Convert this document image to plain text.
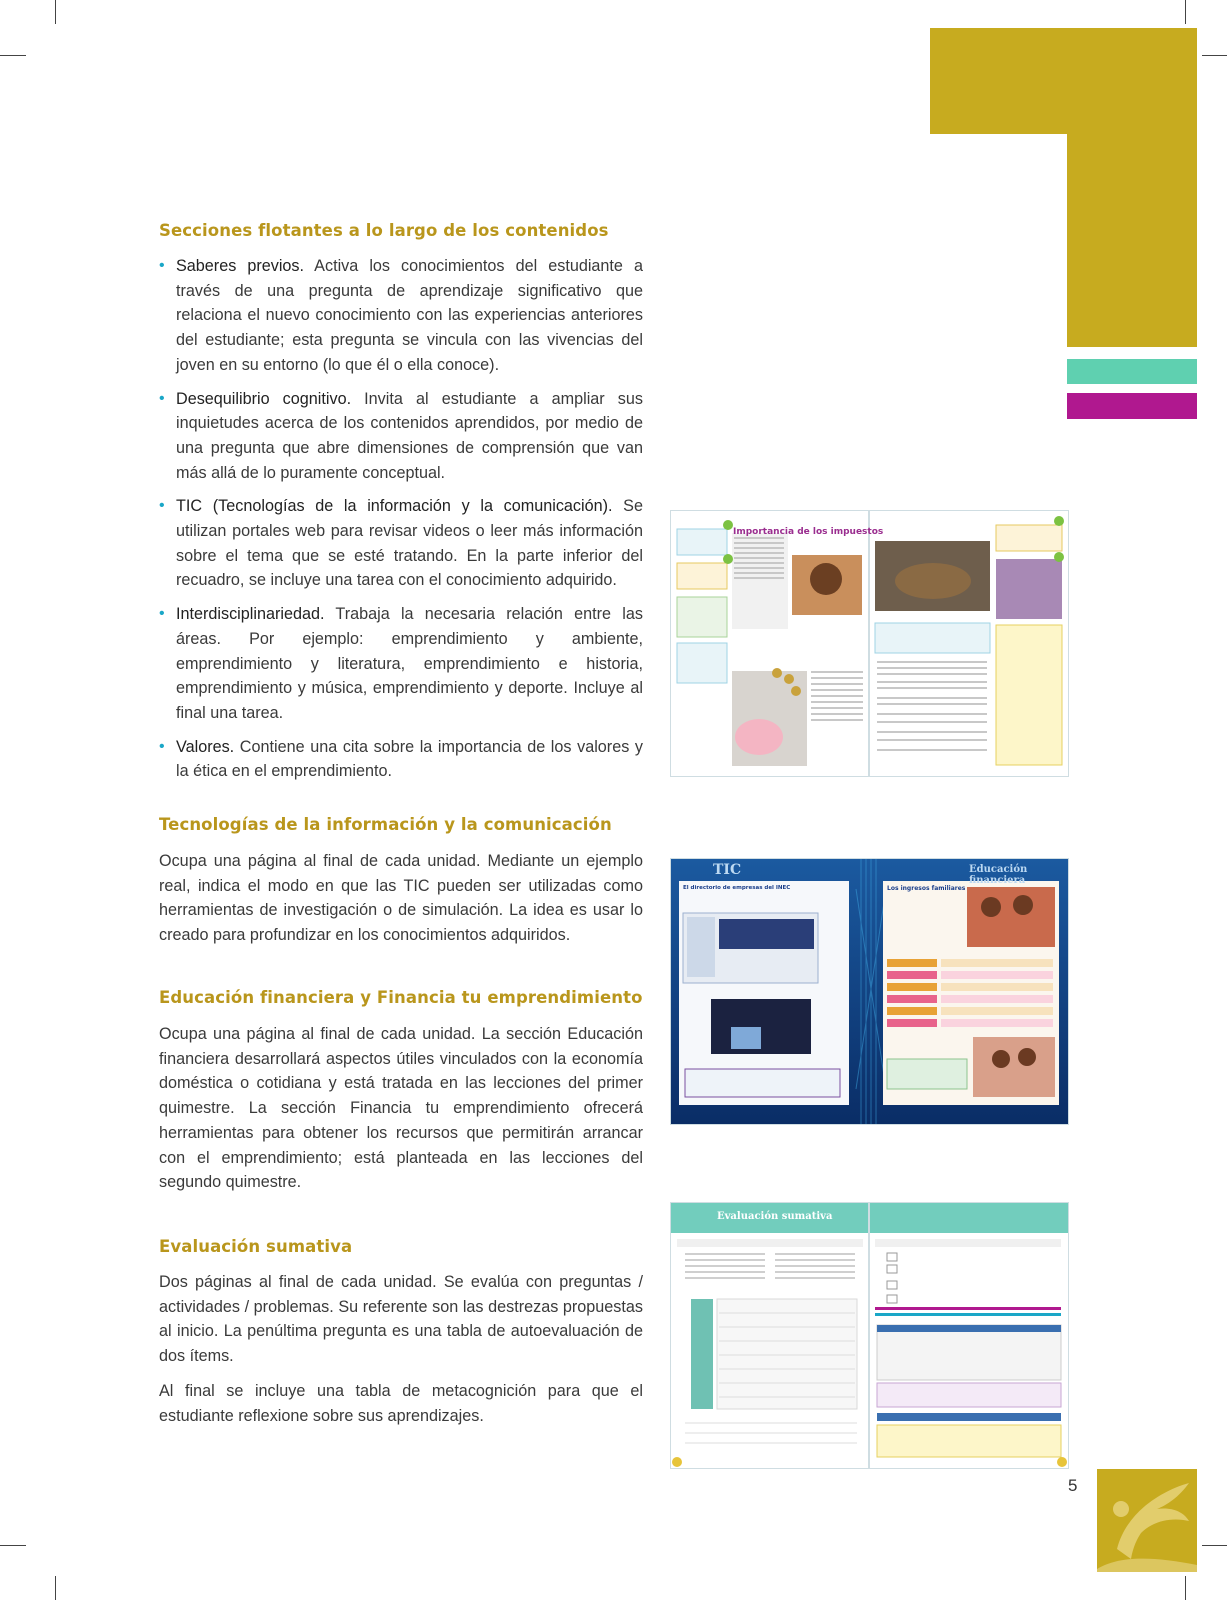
Secciones flotantes a lo largo de los contenidos
• Saberes previos. Activa los conocimientos del estudiante a través de una pregunta de aprendizaje significativo que relaciona el nuevo conocimiento con las experiencias anteriores del estudiante; esta pregunta se vincula con las vivencias del joven en su entorno (lo que él o ella conoce).
• Desequilibrio cognitivo. Invita al estudiante a ampliar sus inquietudes acerca de los contenidos aprendidos, por medio de una pregunta que abre dimensiones de comprensión que van más allá de lo puramente conceptual.
• TIC (Tecnologías de la información y la comunicación). Se utilizan portales web para revisar videos o leer más información sobre el tema que se esté tratando. En la parte inferior del recuadro, se incluye una tarea con el conocimiento adquirido.
• Interdisciplinariedad. Trabaja la necesaria relación entre las áreas. Por ejemplo: emprendimiento y ambiente, emprendimiento y literatura, emprendimiento e historia, emprendimiento y música, emprendimiento y deporte. Incluye al final una tarea.
• Valores. Contiene una cita sobre la importancia de los valores y la ética en el emprendimiento.
Tecnologías de la información y la comunicación
Ocupa una página al final de cada unidad. Mediante un ejemplo real, indica el modo en que las TIC pueden ser utilizadas como herramientas de investigación o de simulación. La idea es usar lo creado para profundizar en los conocimientos adquiridos.
Educación financiera y Financia tu emprendimiento
Ocupa una página al final de cada unidad. La sección Educación financiera desarrollará aspectos útiles vinculados con la economía doméstica o cotidiana y está tratada en las lecciones del primer quimestre. La sección Financia tu emprendimiento ofrecerá herramientas para obtener los recursos que permitirán arrancar con el emprendimiento; está planteada en las lecciones del segundo quimestre.
Evaluación sumativa
Dos páginas al final de cada unidad. Se evalúa con preguntas / actividades / problemas. Su referente son las destrezas propuestas al inicio. La penúltima pregunta es una tabla de autoevaluación de dos ítems.
Al final se incluye una tabla de metacognición para que el estudiante reflexione sobre sus aprendizajes.
Importancia de los impuestos
TIC	Educación financiera
El directorio de empresas del INEC	Los ingresos familiares
Evaluación sumativa
5
